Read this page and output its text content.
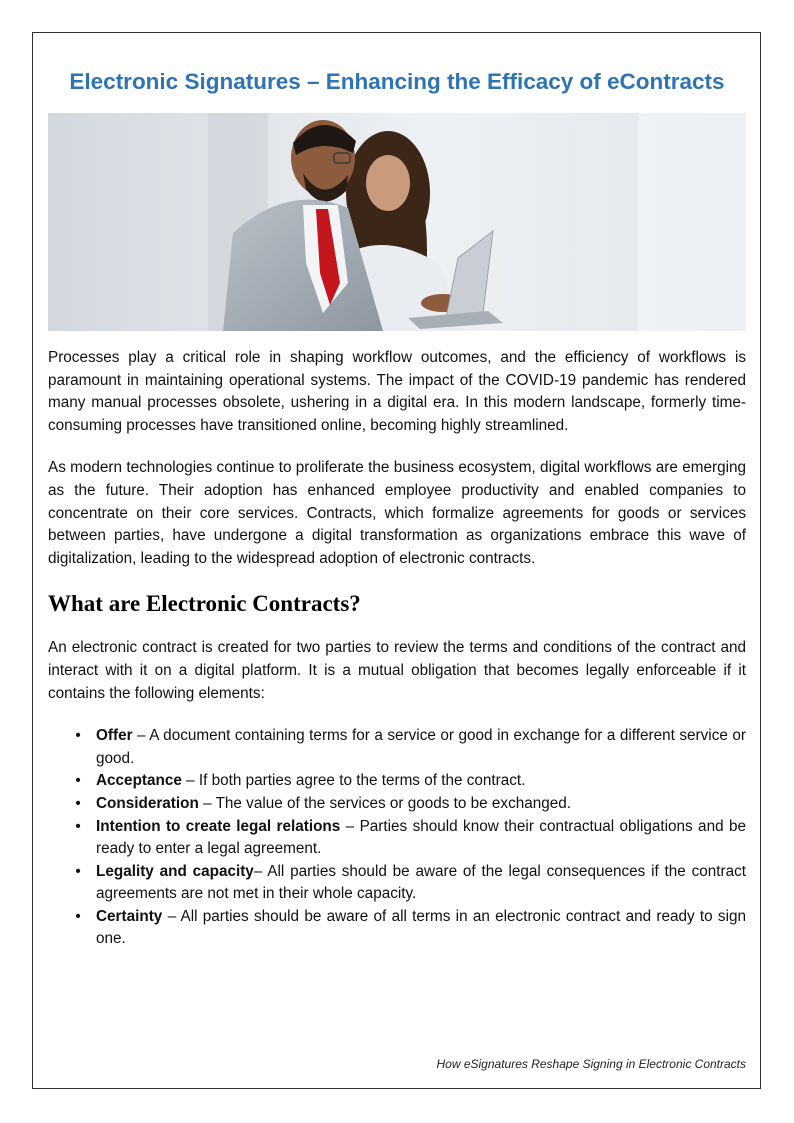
Electronic Signatures – Enhancing the Efficacy of eContracts

Processes play a critical role in shaping workflow outcomes, and the efficiency of workflows is paramount in maintaining operational systems. The impact of the COVID-19 pandemic has rendered many manual processes obsolete, ushering in a digital era. In this modern landscape, formerly time-consuming processes have transitioned online, becoming highly streamlined.

As modern technologies continue to proliferate the business ecosystem, digital workflows are emerging as the future. Their adoption has enhanced employee productivity and enabled companies to concentrate on their core services. Contracts, which formalize agreements for goods or services between parties, have undergone a digital transformation as organizations embrace this wave of digitalization, leading to the widespread adoption of electronic contracts.

What are Electronic Contracts?

An electronic contract is created for two parties to review the terms and conditions of the contract and interact with it on a digital platform. It is a mutual obligation that becomes legally enforceable if it contains the following elements:

• Offer – A document containing terms for a service or good in exchange for a different service or good.
• Acceptance – If both parties agree to the terms of the contract.
• Consideration – The value of the services or goods to be exchanged.
• Intention to create legal relations – Parties should know their contractual obligations and be ready to enter a legal agreement.
• Legality and capacity– All parties should be aware of the legal consequences if the contract agreements are not met in their whole capacity.
• Certainty – All parties should be aware of all terms in an electronic contract and ready to sign one.
How eSignatures Reshape Signing in Electronic Contracts
